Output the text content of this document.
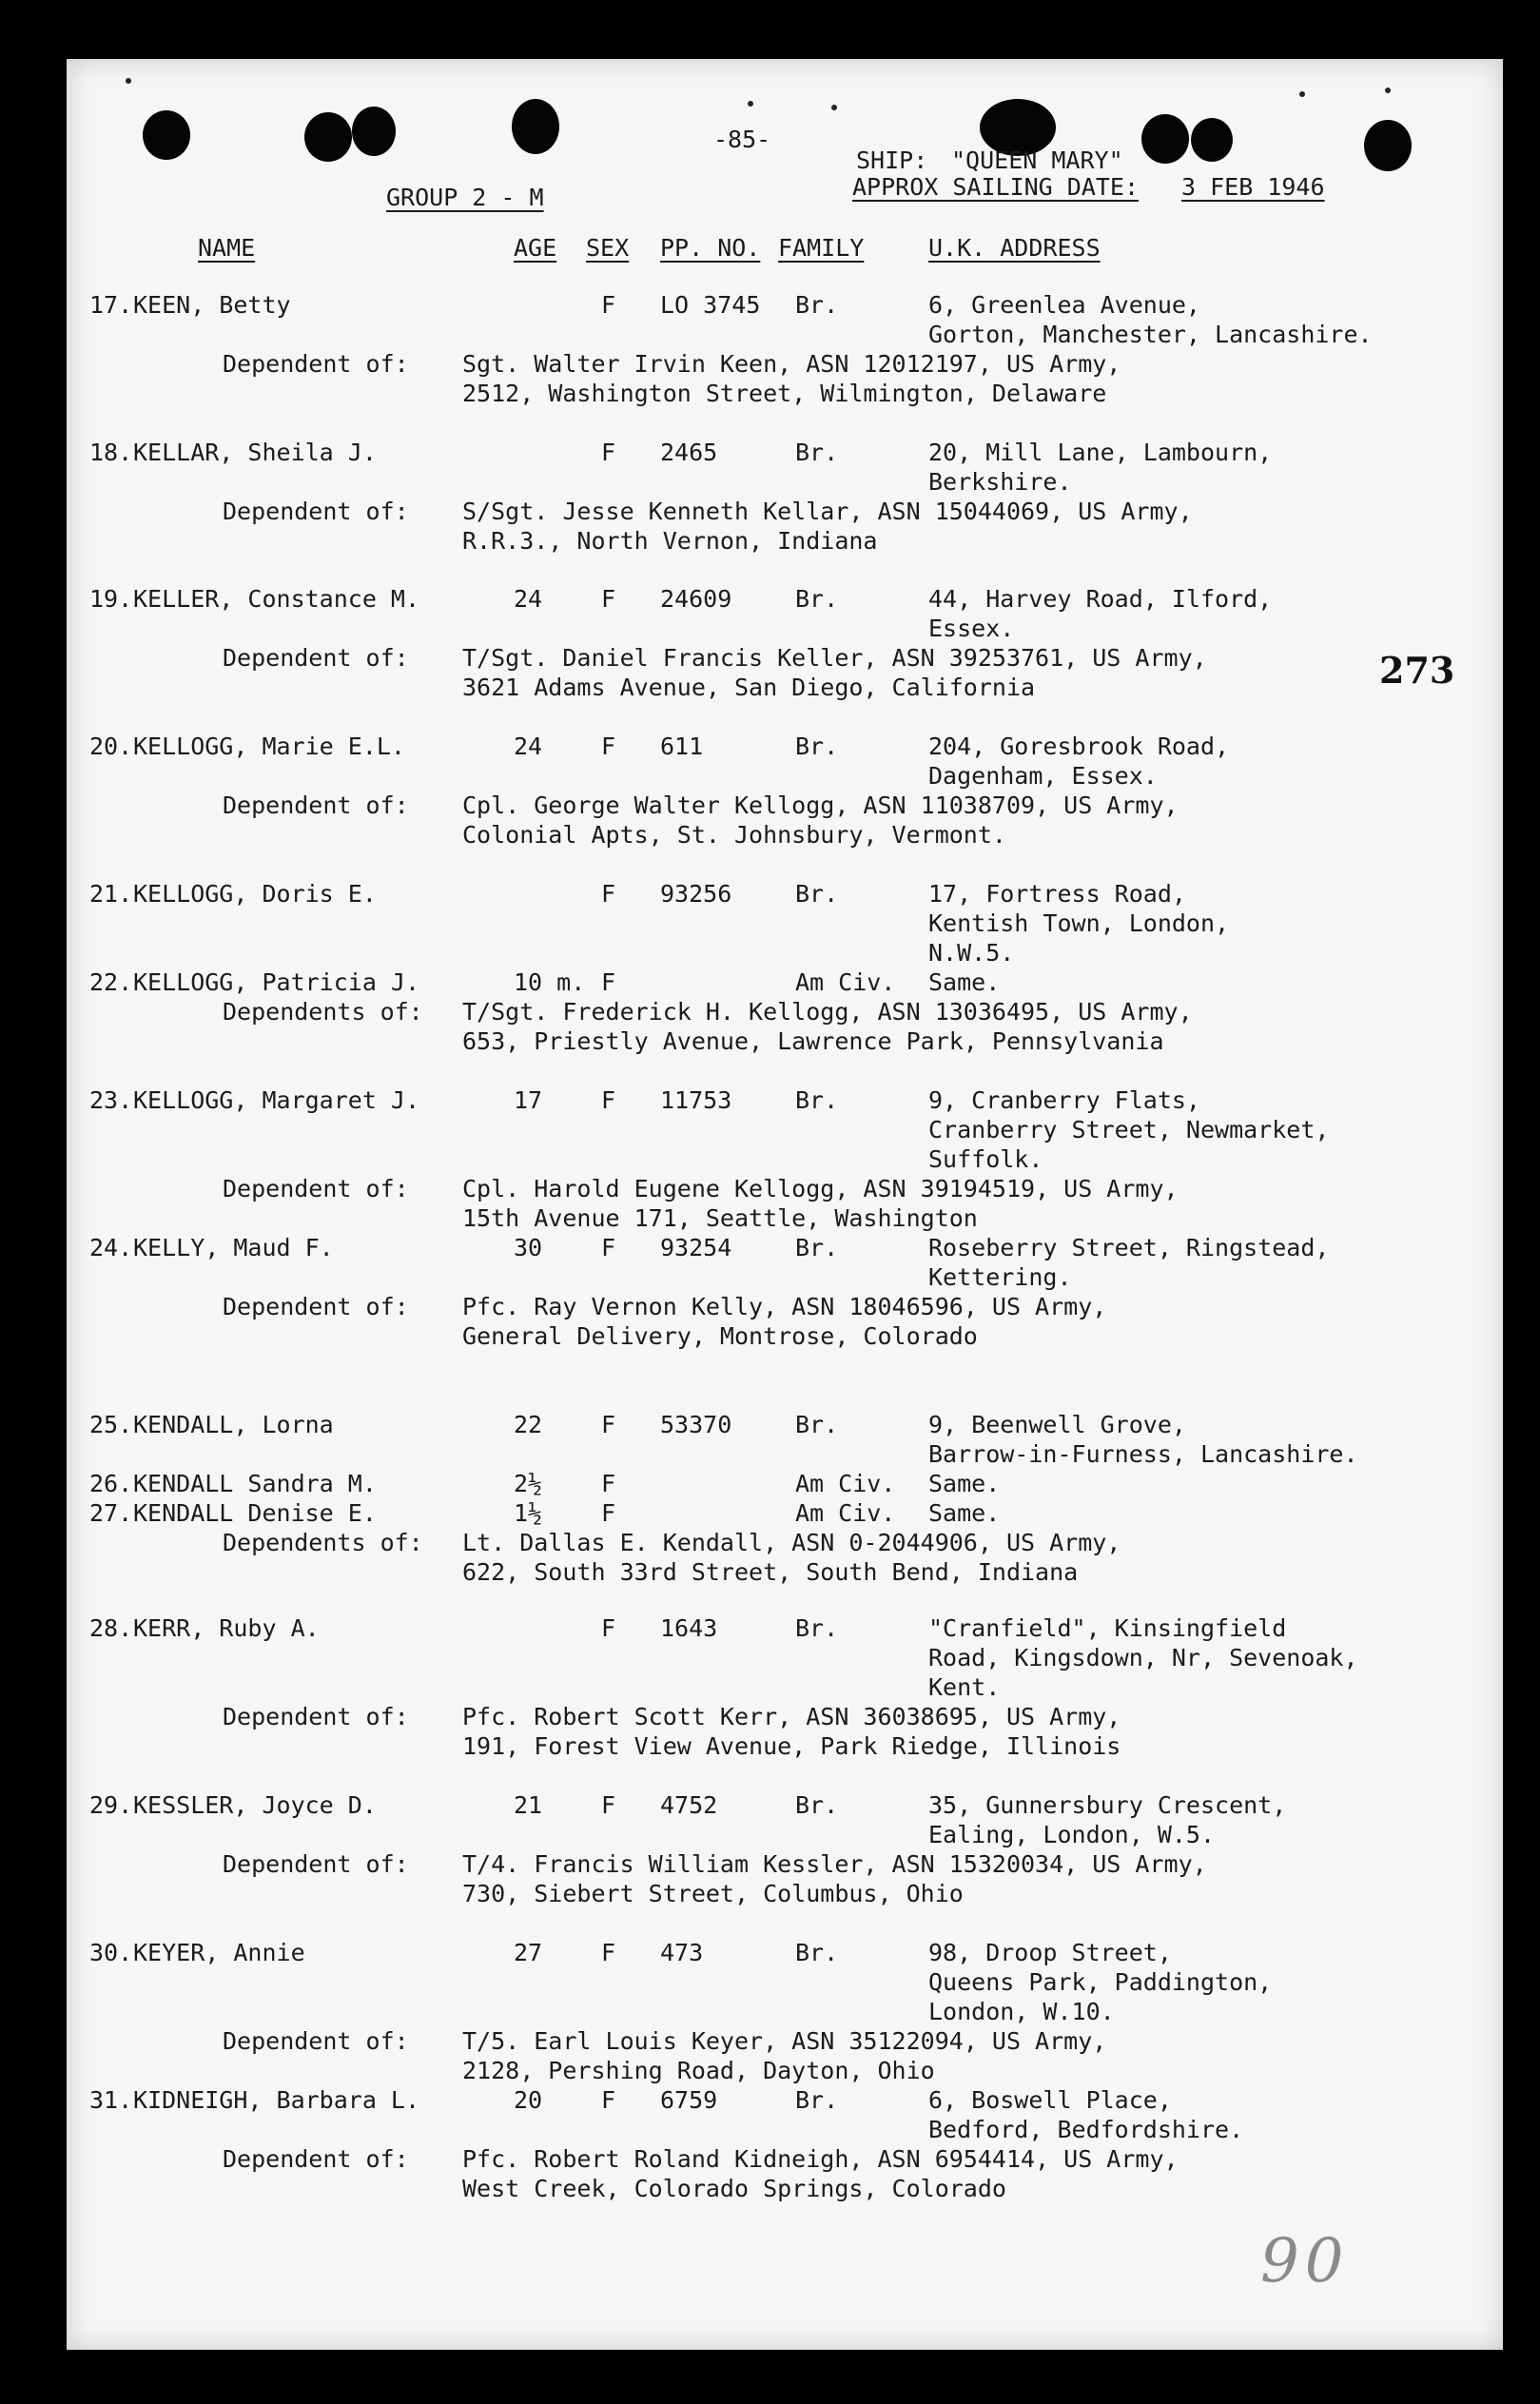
-85-
SHIP: "QUEEN MARY"
GROUP 2 - M	APPROX SAILING DATE: 3 FEB 1946
NAME	AGE SEX PP. NO. FAMILY	U.K. ADDRESS
17. KEEN, Betty	F LO 3745 Br.	6, Greenlea Avenue,
Gorton, Manchester, Lancashire.
Dependent of: Sgt. Walter Irvin Keen, ASN 12012197, US Army,
2512, Washington Street, Wilmington, Delaware
18. KELLAR, Sheila J.	F 2465	Br.	20, Mill Lane, Lambourn,
Berkshire.
Dependent of: S/Sgt. Jesse Kenneth Kellar, ASN 15044069, US Army,
R.R.3., North Vernon, Indiana
19. KELLER, Constance M.	24 F 24609	Br.	44, Harvey Road, Ilford,
Essex.
Dependent of: T/Sgt. Daniel Francis Keller, ASN 39253761, US Army,
3621 Adams Avenue, San Diego, California
20. KELLOGG, Marie E.L.	24 F 611	Br.	204, Goresbrook Road,
Dagenham, Essex.
Dependent of: Cpl. George Walter Kellogg, ASN 11038709, US Army,
Colonial Apts, St. Johnsbury, Vermont.
21. KELLOGG, Doris E.	F 93256	Br.	17, Fortress Road,
Kentish Town, London,
N.W.5.
22. KELLOGG, Patricia J.	10 m. F	Am Civ. Same.
Dependents of: T/Sgt. Frederick H. Kellogg, ASN 13036495, US Army,
653, Priestly Avenue, Lawrence Park, Pennsylvania
23. KELLOGG, Margaret J.	17 F 11753	Br.	9, Cranberry Flats,
Cranberry Street, Newmarket,
Suffolk.
Dependent of: Cpl. Harold Eugene Kellogg, ASN 39194519, US Army,
15th Avenue 171, Seattle, Washington
24. KELLY, Maud F.	30 F 93254	Br.	Roseberry Street, Ringstead,
Kettering.
Dependent of: Pfc. Ray Vernon Kelly, ASN 18046596, US Army,
General Delivery, Montrose, Colorado
25. KENDALL, Lorna	22 F 53370	Br.	9, Beenwell Grove,
Barrow-in-Furness, Lancashire.
26. KENDALL Sandra M.	2½ F	Am Civ. Same.
27. KENDALL Denise E.	1½ F	Am Civ. Same.
Dependents of: Lt. Dallas E. Kendall, ASN 0-2044906, US Army,
622, South 33rd Street, South Bend, Indiana
28. KERR, Ruby A.	F 1643	Br.	"Cranfield", Kinsingfield
Road, Kingsdown, Nr, Sevenoak,
Kent.
Dependent of: Pfc. Robert Scott Kerr, ASN 36038695, US Army,
191, Forest View Avenue, Park Riedge, Illinois
29. KESSLER, Joyce D.	21 F 4752	Br.	35, Gunnersbury Crescent,
Ealing, London, W.5.
Dependent of: T/4. Francis William Kessler, ASN 15320034, US Army,
730, Siebert Street, Columbus, Ohio
30. KEYER, Annie	27 F 473	Br.	98, Droop Street,
Queens Park, Paddington,
London, W.10.
Dependent of: T/5. Earl Louis Keyer, ASN 35122094, US Army,
2128, Pershing Road, Dayton, Ohio
31. KIDNEIGH, Barbara L.	20 F 6759	Br.	6, Boswell Place,
Bedford, Bedfordshire.
Dependent of: Pfc. Robert Roland Kidneigh, ASN 6954414, US Army,
West Creek, Colorado Springs, Colorado
273
90
